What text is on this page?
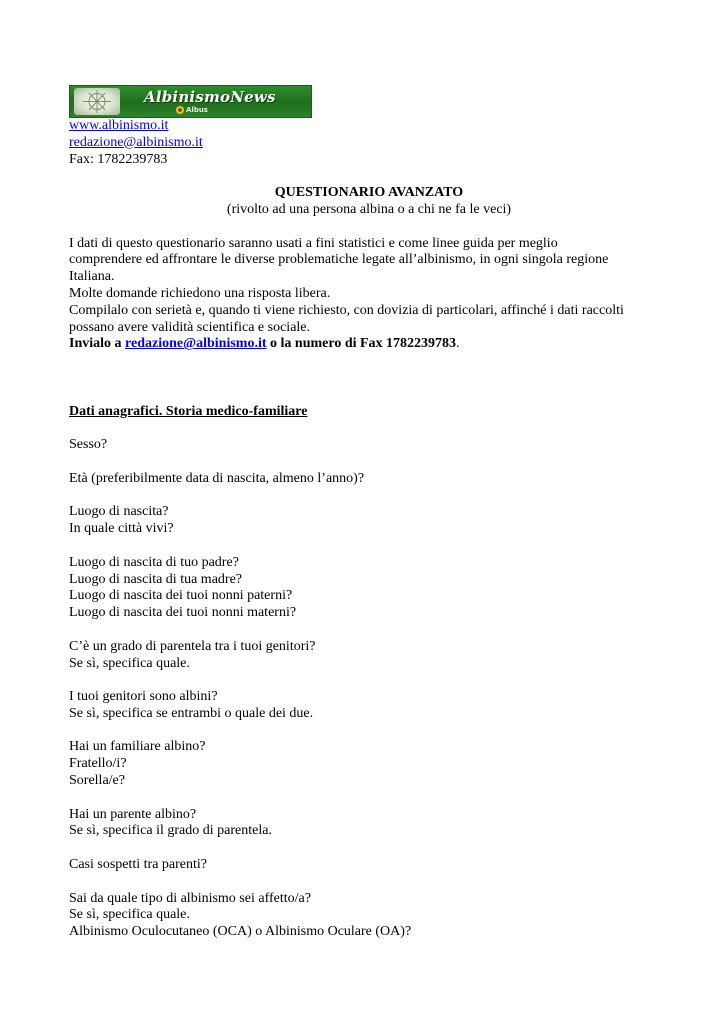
AlbinismoNews
Albus
www.albinismo.it
redazione@albinismo.it
Fax: 1782239783
QUESTIONARIO AVANZATO
(rivolto ad una persona albina o a chi ne fa le veci)
I dati di questo questionario saranno usati a fini statistici e come linee guida per meglio
comprendere ed affrontare le diverse problematiche legate all’albinismo, in ogni singola regione
Italiana.
Molte domande richiedono una risposta libera.
Compilalo con serietà e, quando ti viene richiesto, con dovizia di particolari, affinché i dati raccolti
possano avere validità scientifica e sociale.
Invialo a redazione@albinismo.it o la numero di Fax 1782239783.
Dati anagrafici. Storia medico-familiare
Sesso?
Età (preferibilmente data di nascita, almeno l’anno)?
Luogo di nascita?
In quale città vivi?
Luogo di nascita di tuo padre?
Luogo di nascita di tua madre?
Luogo di nascita dei tuoi nonni paterni?
Luogo di nascita dei tuoi nonni materni?
C’è un grado di parentela tra i tuoi genitori?
Se sì, specifica quale.
I tuoi genitori sono albini?
Se sì, specifica se entrambi o quale dei due.
Hai un familiare albino?
Fratello/i?
Sorella/e?
Hai un parente albino?
Se sì, specifica il grado di parentela.
Casi sospetti tra parenti?
Sai da quale tipo di albinismo sei affetto/a?
Se sì, specifica quale.
Albinismo Oculocutaneo (OCA) o Albinismo Oculare (OA)?
